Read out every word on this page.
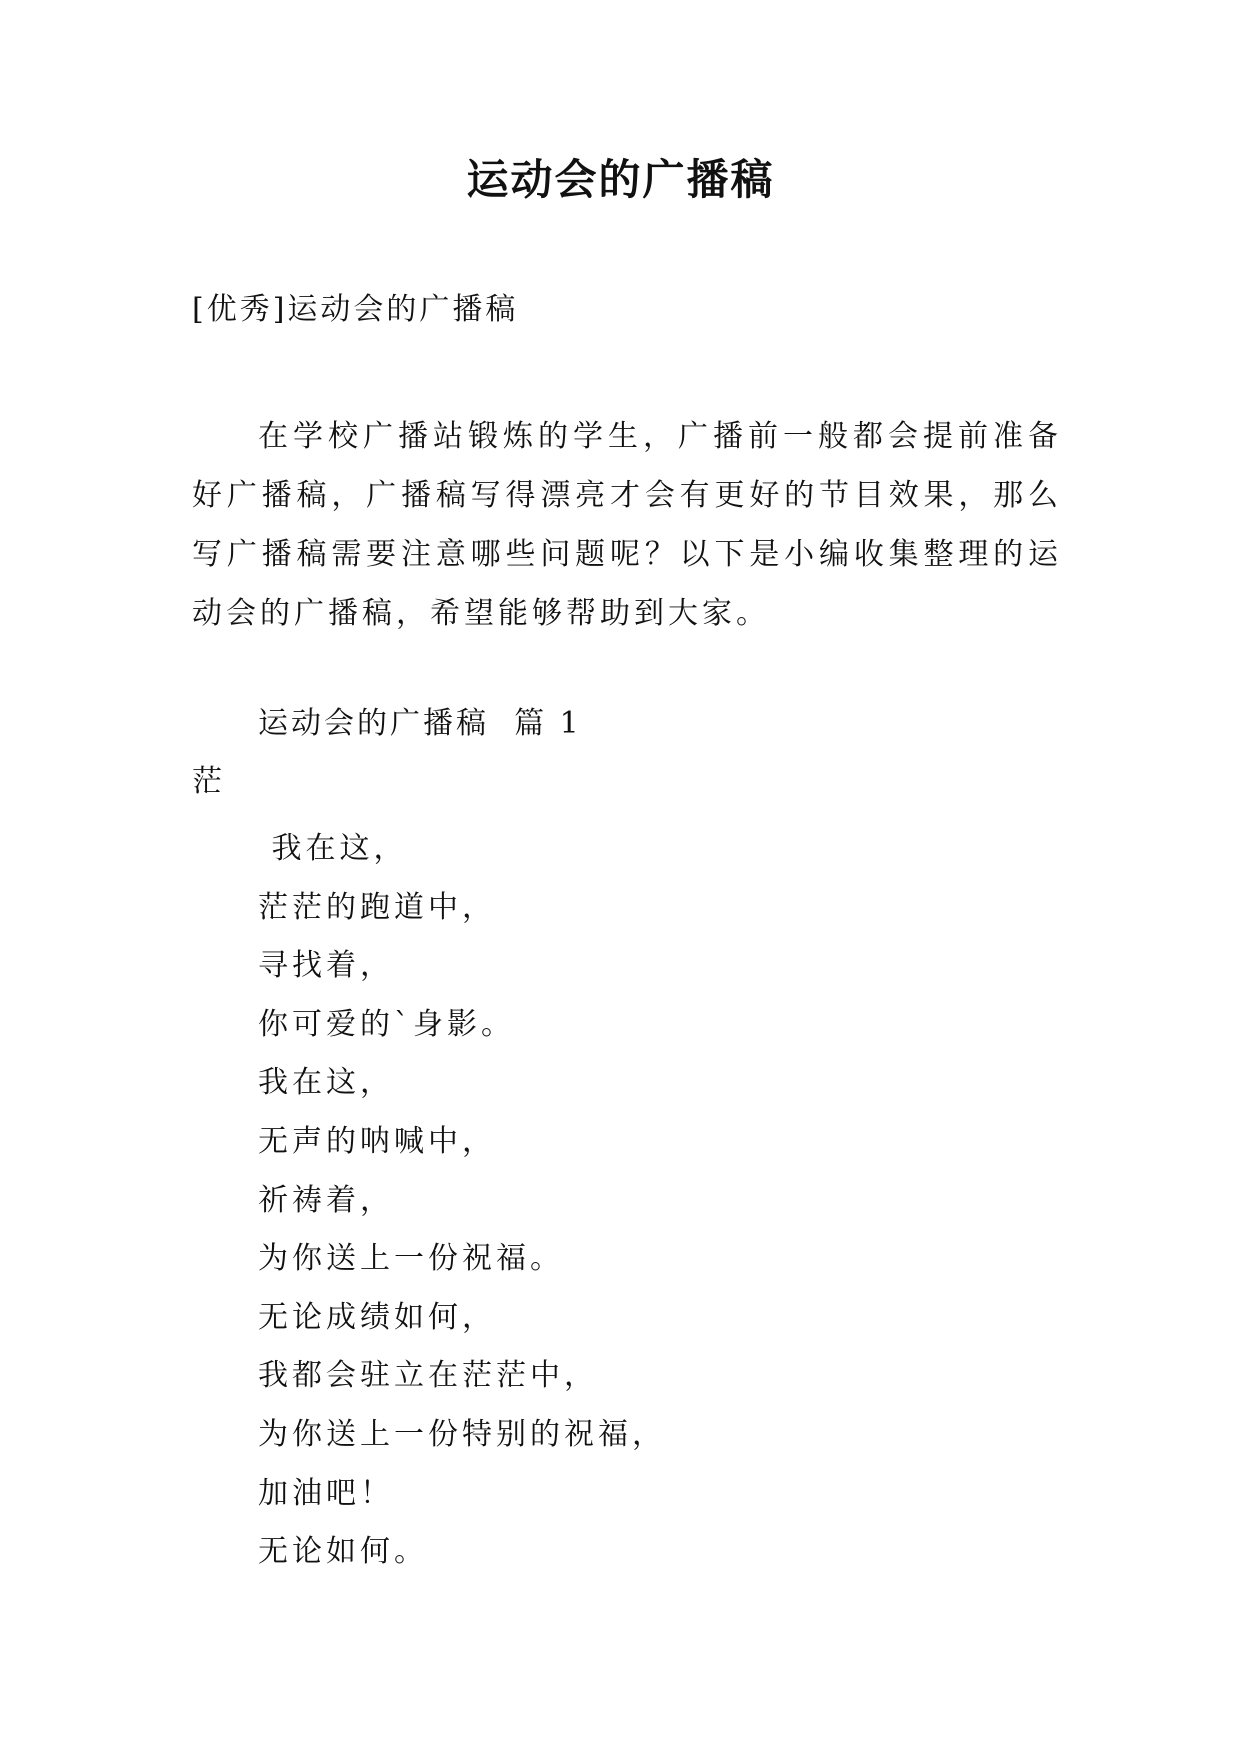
运动会的广播稿
[优秀]运动会的广播稿

在学校广播站锻炼的学生，广播前一般都会提前准备好广播稿，广播稿写得漂亮才会有更好的节目效果，那么写广播稿需要注意哪些问题呢？以下是小编收集整理的运动会的广播稿，希望能够帮助到大家。

运动会的广播稿  篇 1
茫
我在这，
茫茫的跑道中，
寻找着，
你可爱的`身影。
我在这，
无声的呐喊中，
祈祷着，
为你送上一份祝福。
无论成绩如何，
我都会驻立在茫茫中，
为你送上一份特别的祝福，
加油吧！
无论如何。
